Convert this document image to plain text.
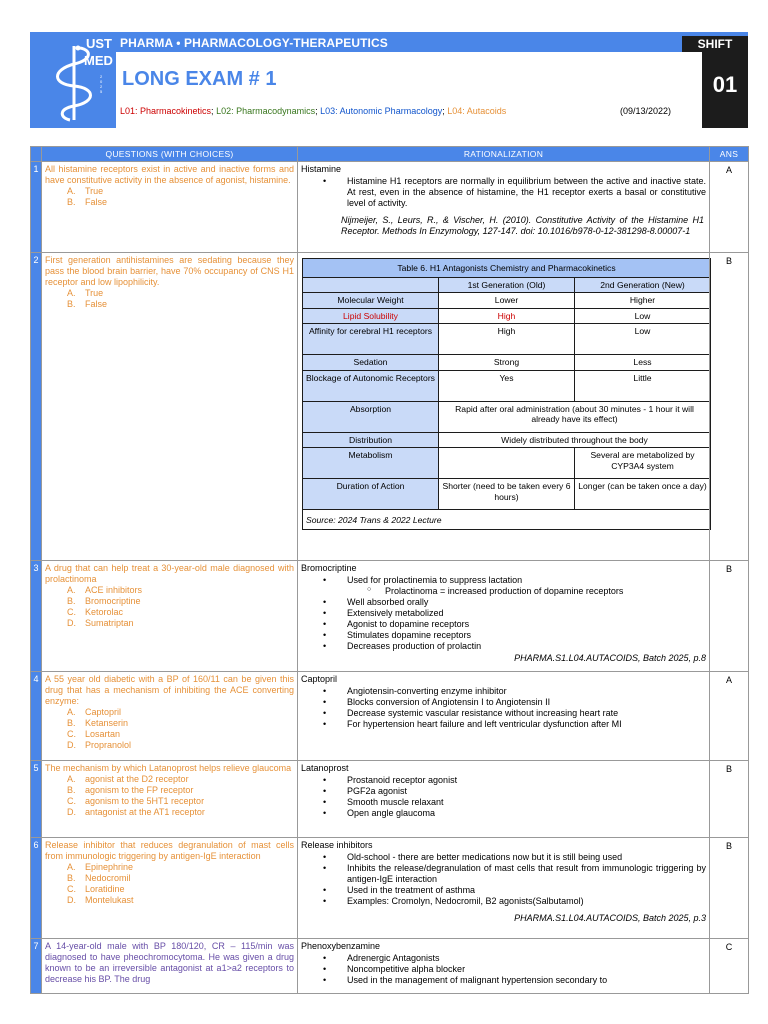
UST
MED
2
0
2
5
PHARMA • PHARMACOLOGY-THERAPEUTICS	SHIFT
01
LONG EXAM # 1
L01: Pharmacokinetics; L02: Pharmacodynamics; L03: Autonomic Pharmacology; L04: Autacoids	(09/13/2022)
	QUESTIONS (WITH CHOICES)	RATIONALIZATION	ANS
1	All histamine receptors exist in active and inactive forms and have constitutive activity in the absence of agonist, histamine.
A. True
B. False

Histamine
• Histamine H1 receptors are normally in equilibrium between the active and inactive state. At rest, even in the absence of histamine, the H1 receptor exerts a basal or constitutive level of activity.
Nijmeijer, S., Leurs, R., & Vischer, H. (2010). Constitutive Activity of the Histamine H1 Receptor. Methods In Enzymology, 127-147. doi: 10.1016/b978-0-12-381298-8.00007-1
	A
2	First generation antihistamines are sedating because they pass the blood brain barrier, have 70% occupancy of CNS H1 receptor and low lipophilicity.
A. True
B. False

Table 6. H1 Antagonists Chemistry and Pharmacokinetics
	1st Generation (Old)	2nd Generation (New)
Molecular Weight	Lower	Higher
Lipid Solubility	High	Low
Affinity for cerebral H1 receptors	High	Low
Sedation	Strong	Less
Blockage of Autonomic Receptors	Yes	Little
Absorption	Rapid after oral administration (about 30 minutes - 1 hour it will already have its effect)
Distribution	Widely distributed throughout the body
Metabolism		Several are metabolized by CYP3A4 system
Duration of Action	Shorter (need to be taken every 6 hours)	Longer (can be taken once a day)
Source: 2024 Trans & 2022 Lecture
	B
3	A drug that can help treat a 30-year-old male diagnosed with prolactinoma
A. ACE inhibitors
B. Bromocriptine
C. Ketorolac
D. Sumatriptan

Bromocriptine
• Used for prolactinemia to suppress lactation
○ Prolactinoma = increased production of dopamine receptors
• Well absorbed orally
• Extensively metabolized
• Agonist to dopamine receptors
• Stimulates dopamine receptors
• Decreases production of prolactin
PHARMA.S1.L04.AUTACOIDS, Batch 2025, p.8
	B
4	A 55 year old diabetic with a BP of 160/11 can be given this drug that has a mechanism of inhibiting the ACE converting enzyme:
A. Captopril
B. Ketanserin
C. Losartan
D. Propranolol

Captopril
• Angiotensin-converting enzyme inhibitor
• Blocks conversion of Angiotensin I to Angiotensin II
• Decrease systemic vascular resistance without increasing heart rate
• For hypertension heart failure and left ventricular dysfunction after MI
	A
5	The mechanism by which Latanoprost helps relieve glaucoma
A. agonist at the D2 receptor
B. agonism to the FP receptor
C. agonism to the 5HT1 receptor
D. antagonist at the AT1 receptor

Latanoprost
• Prostanoid receptor agonist
• PGF2a agonist
• Smooth muscle relaxant
• Open angle glaucoma
	B
6	Release inhibitor that reduces degranulation of mast cells from immunologic triggering by antigen-IgE interaction
A. Epinephrine
B. Nedocromil
C. Loratidine
D. Montelukast

Release inhibitors
• Old-school - there are better medications now but it is still being used
• Inhibits the release/degranulation of mast cells that result from immunologic triggering by antigen-IgE interaction
• Used in the treatment of asthma
• Examples: Cromolyn, Nedocromil, B2 agonists(Salbutamol)
PHARMA.S1.L04.AUTACOIDS, Batch 2025, p.3
	B
7	A 14-year-old male with BP 180/120, CR – 115/min was diagnosed to have pheochromocytoma. He was given a drug known to be an irreversible antagonist at a1>a2 receptors to decrease his BP. The drug

Phenoxybenzamine
• Adrenergic Antagonists
• Noncompetitive alpha blocker
• Used in the management of malignant hypertension secondary to
	C
